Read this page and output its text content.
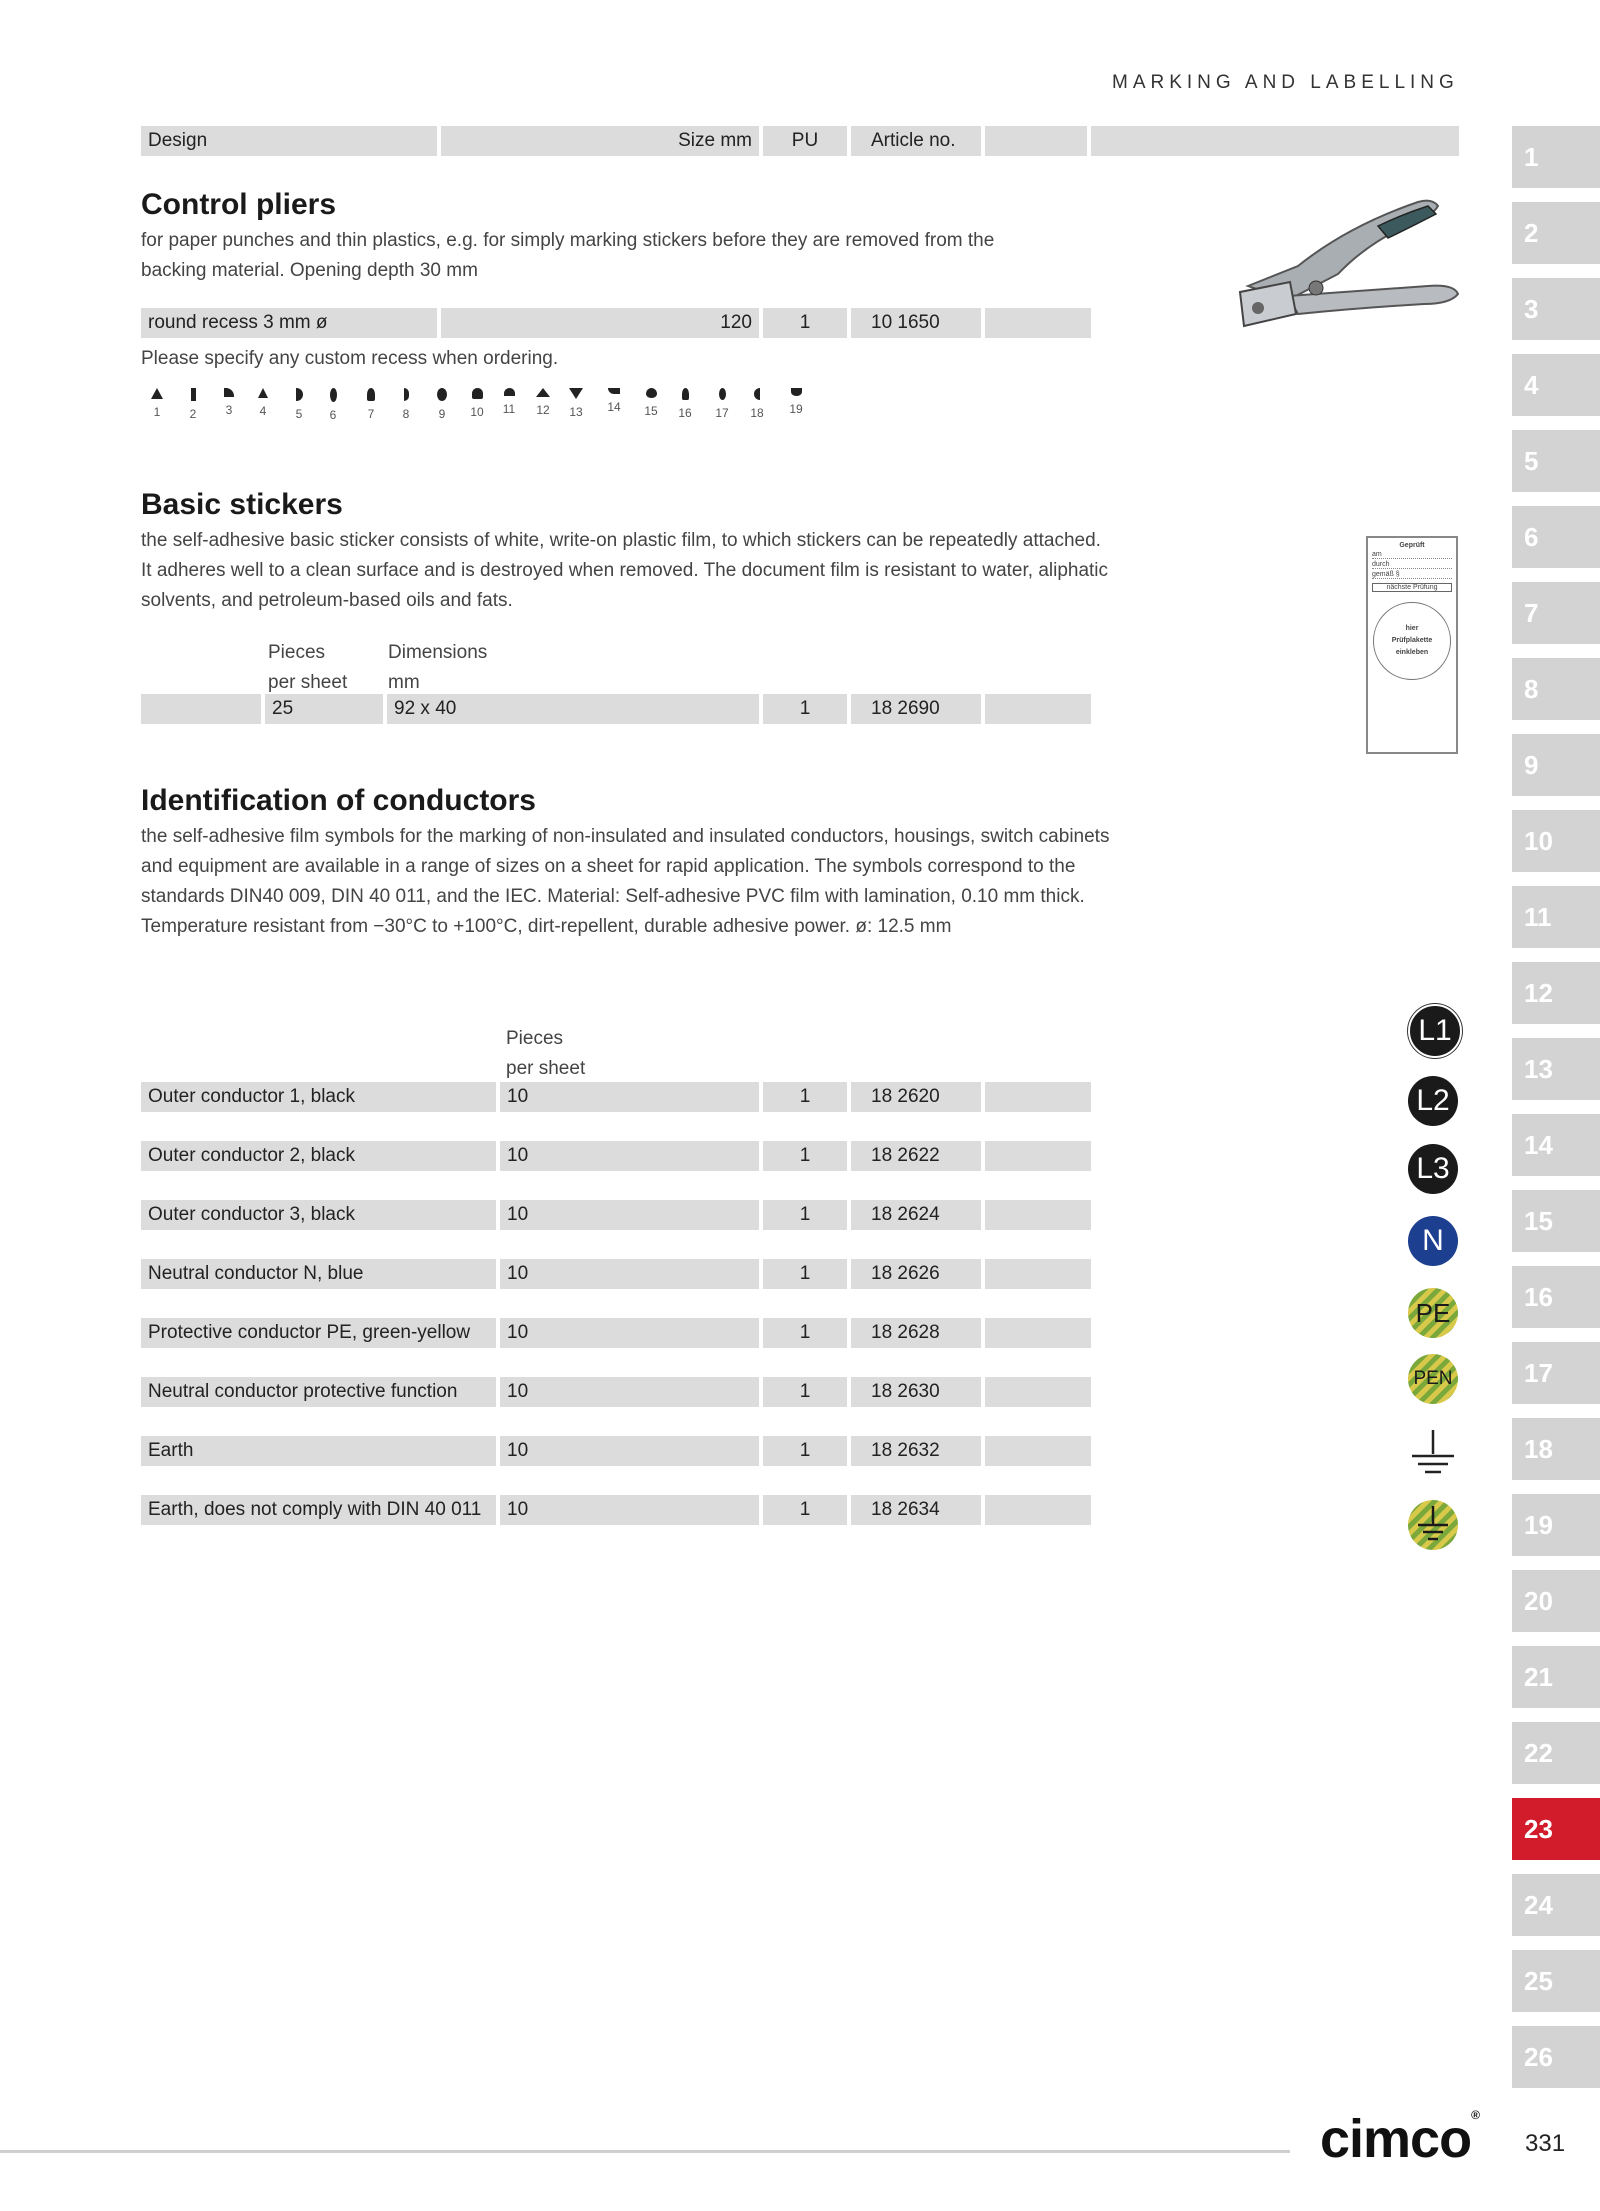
MARKING AND LABELLING
Design	Size mm	PU	Article no.
Control pliers
for paper punches and thin plastics, e.g. for simply marking stickers before they are removed from the backing material. Opening depth 30 mm
round recess 3 mm ø	120	1	10 1650
Please specify any custom recess when ordering.
1	2	3	4	5	6	7	8	9	10	11	12	13	14	15	16	17	18	19
Basic stickers
the self-adhesive basic sticker consists of white, write-on plastic film, to which stickers can be repeatedly attached. It adheres well to a clean surface and is destroyed when removed. The document film is resistant to water, aliphatic solvents, and petroleum-based oils and fats.
Pieces
per sheet
Dimensions
mm
25	92 x 40	1	18 2690
Geprüft
am
durch
gemäß §
nächste Prüfung
hier
Prüfplakette
einkleben
Identification of conductors
the self-adhesive film symbols for the marking of non-insulated and insulated conductors, housings, switch cabinets and equipment are available in a range of sizes on a sheet for rapid application. The symbols correspond to the standards DIN40 009, DIN 40 011, and the IEC. Material: Self-adhesive PVC film with lamination, 0.10 mm thick. Temperature resistant from −30°C to +100°C, dirt-repellent, durable adhesive power. ø: 12.5 mm
Pieces
per sheet
Outer conductor 1, black	10	1	18 2620
Outer conductor 2, black	10	1	18 2622
Outer conductor 3, black	10	1	18 2624
Neutral conductor N, blue	10	1	18 2626
Protective conductor PE, green-yellow	10	1	18 2628
Neutral conductor protective function	10	1	18 2630
Earth	10	1	18 2632
Earth, does not comply with DIN 40 011	10	1	18 2634
L1
L2
L3
N
PE
PEN
1
2
3
4
5
6
7
8
9
10
11
12
13
14
15
16
17
18
19
20
21
22
23
24
25
26
cimco®
331
